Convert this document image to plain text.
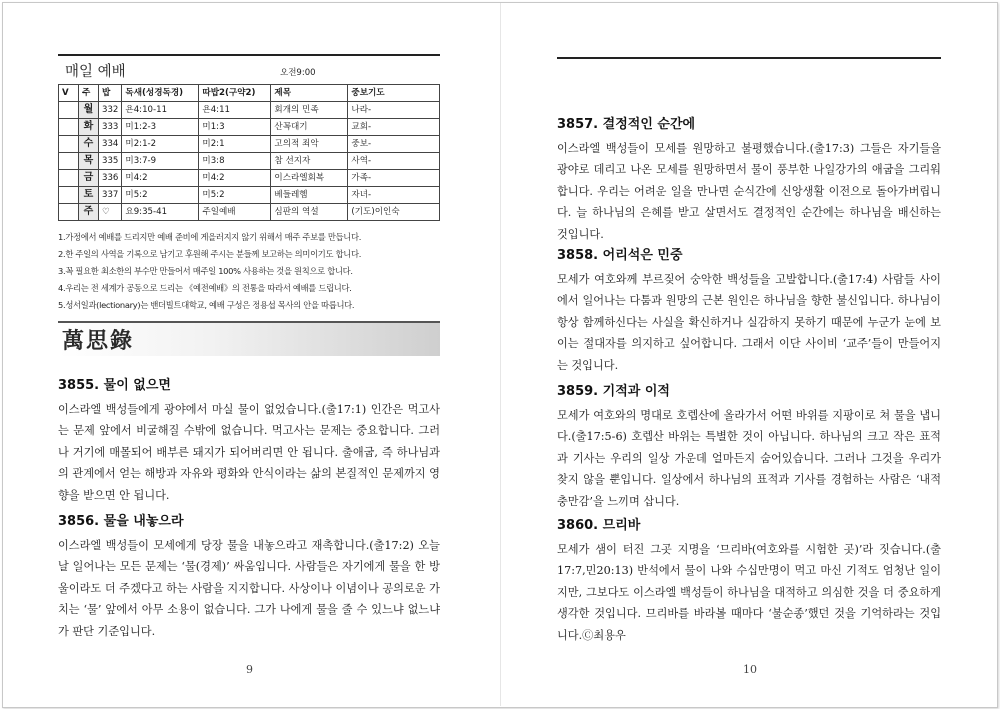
매일 예배	오전9:00
V	주	밥	독새(성경독경)	따밥2(구약2)	제목	중보기도
	월	332	욘4:10-11	욘4:11	회개의 민족	나라-
	화	333	미1:2-3	미1:3	산꼭대기	교회-
	수	334	미2:1-2	미2:1	고의적 죄악	중보-
	목	335	미3:7-9	미3:8	참 선지자	사역-
	금	336	미4:2	미4:2	이스라엘회복	가족-
	토	337	미5:2	미5:2	베들레헴	자녀-
	주	♡	요9:35-41	주일예배	심판의 역설	(기도)이인숙
1.가정에서 예배를 드리지만 예배 준비에 게을러지지 않기 위해서 매주 주보를 만듭니다.
2.한 주일의 사역을 기록으로 남기고 후원해 주시는 분들께 보고하는 의미이기도 합니다.
3.꼭 필요한 최소한의 부수만 만들어서 매주일 100% 사용하는 것을 원칙으로 합니다.
4.우리는 전 세계가 공동으로 드리는 《예전예배》의 전통을 따라서 예배를 드립니다.
5.성서일과(lectionary)는 밴더빌트대학교, 예배 구성은 정용섭 목사의 안을 따릅니다.
萬思錄
3855. 물이 없으면

이스라엘 백성들에게 광야에서 마실 물이 없었습니다.(출17:1) 인간은 먹고사는 문제 앞에서 비굴해질 수밖에 없습니다. 먹고사는 문제는 중요합니다. 그러나 거기에 매몰되어 배부른 돼지가 되어버리면 안 됩니다. 출애굽, 즉 하나님과의 관계에서 얻는 해방과 자유와 평화와 안식이라는 삶의 본질적인 문제까지 영향을 받으면 안 됩니다.

3856. 물을 내놓으라

이스라엘 백성들이 모세에게 당장 물을 내놓으라고 재촉합니다.(출17:2) 오늘날 일어나는 모든 문제는 ‘물(경제)’ 싸움입니다. 사람들은 자기에게 물을 한 방울이라도 더 주겠다고 하는 사람을 지지합니다. 사상이나 이념이나 공의로운 가치는 ‘물’ 앞에서 아무 소용이 없습니다. 그가 나에게 물을 줄 수 있느냐 없느냐가 판단 기준입니다.

9
3857. 결정적인 순간에

이스라엘 백성들이 모세를 원망하고 불평했습니다.(출17:3) 그들은 자기들을 광야로 데리고 나온 모세를 원망하면서 물이 풍부한 나일강가의 애굽을 그리워합니다. 우리는 어려운 일을 만나면 순식간에 신앙생활 이전으로 돌아가버립니다. 늘 하나님의 은혜를 받고 살면서도 결정적인 순간에는 하나님을 배신하는 것입니다.

3858. 어리석은 민중

모세가 여호와께 부르짖어 숭악한 백성들을 고발합니다.(출17:4) 사람들 사이에서 일어나는 다툼과 원망의 근본 원인은 하나님을 향한 불신입니다. 하나님이 항상 함께하신다는 사실을 확신하거나 실감하지 못하기 때문에 누군가 눈에 보이는 절대자를 의지하고 싶어합니다. 그래서 이단 사이비 ‘교주’들이 만들어지는 것입니다.

3859. 기적과 이적

모세가 여호와의 명대로 호렙산에 올라가서 어떤 바위를 지팡이로 쳐 물을 냅니다.(출17:5-6) 호렙산 바위는 특별한 것이 아닙니다. 하나님의 크고 작은 표적과 기사는 우리의 일상 가운데 얼마든지 숨어있습니다. 그러나 그것을 우리가 찾지 않을 뿐입니다. 일상에서 하나님의 표적과 기사를 경험하는 사람은 ‘내적 충만감’을 느끼며 삽니다.

3860. 므리바

모세가 샘이 터진 그곳 지명을 ‘므리바(여호와를 시험한 곳)’라 짓습니다.(출17:7,민20:13) 반석에서 물이 나와 수십만명이 먹고 마신 기적도 엄청난 일이지만, 그보다도 이스라엘 백성들이 하나님을 대적하고 의심한 것을 더 중요하게 생각한 것입니다. 므리바를 바라볼 때마다 ‘불순종’했던 것을 기억하라는 것입니다.Ⓒ최용우

10
